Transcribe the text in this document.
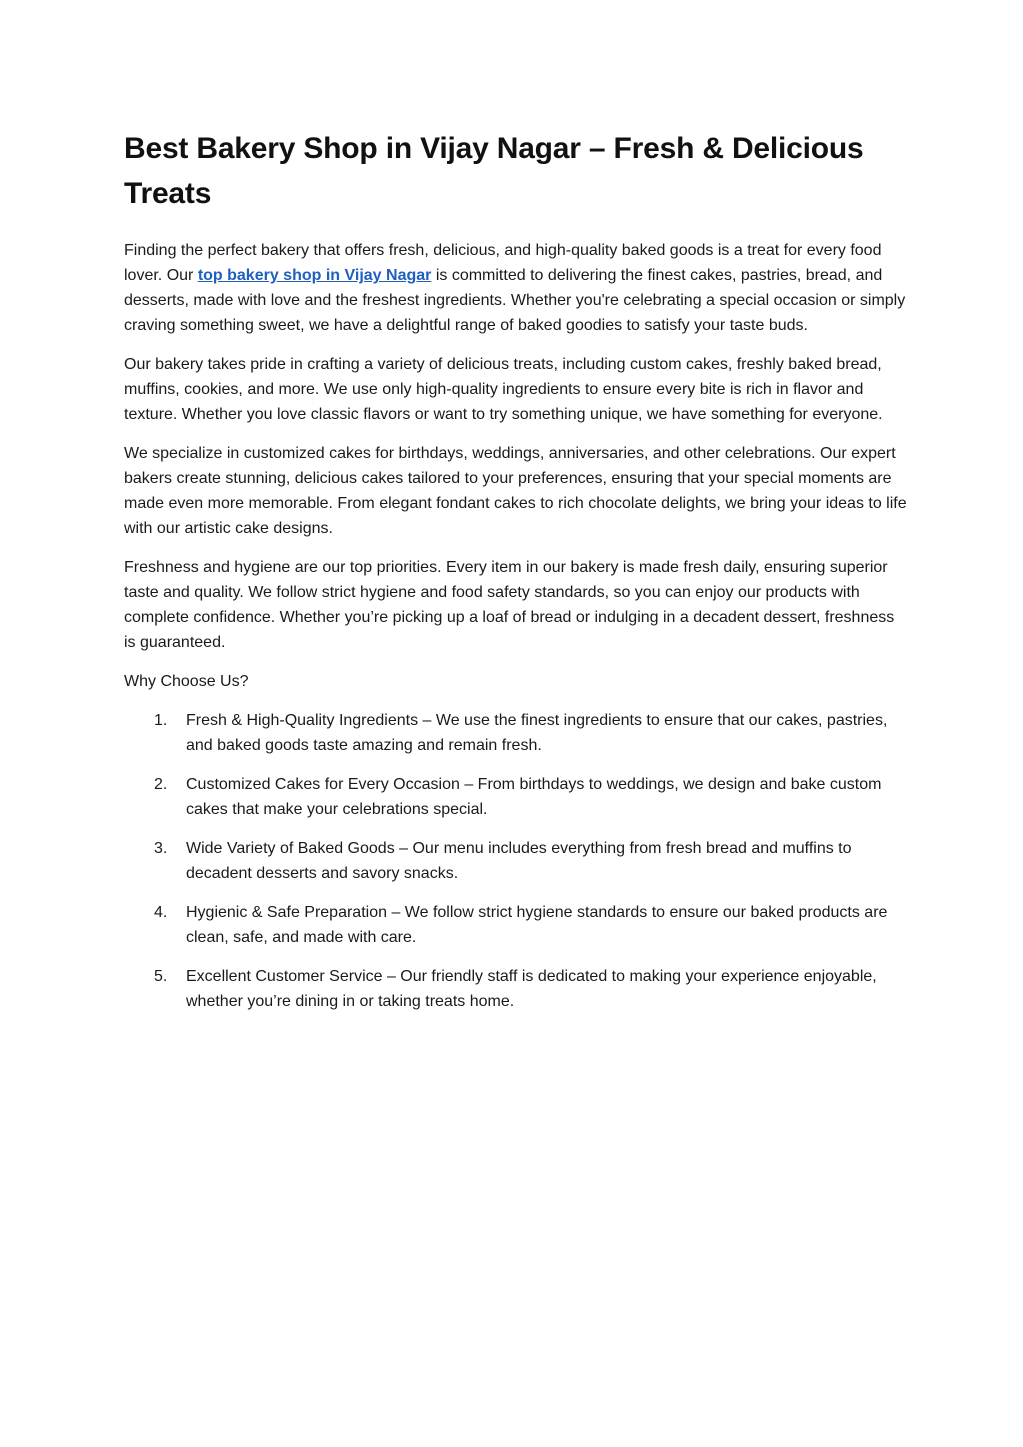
Best Bakery Shop in Vijay Nagar – Fresh & Delicious Treats

Finding the perfect bakery that offers fresh, delicious, and high-quality baked goods is a treat for every food lover. Our top bakery shop in Vijay Nagar is committed to delivering the finest cakes, pastries, bread, and desserts, made with love and the freshest ingredients. Whether you're celebrating a special occasion or simply craving something sweet, we have a delightful range of baked goodies to satisfy your taste buds.

Our bakery takes pride in crafting a variety of delicious treats, including custom cakes, freshly baked bread, muffins, cookies, and more. We use only high-quality ingredients to ensure every bite is rich in flavor and texture. Whether you love classic flavors or want to try something unique, we have something for everyone.

We specialize in customized cakes for birthdays, weddings, anniversaries, and other celebrations. Our expert bakers create stunning, delicious cakes tailored to your preferences, ensuring that your special moments are made even more memorable. From elegant fondant cakes to rich chocolate delights, we bring your ideas to life with our artistic cake designs.

Freshness and hygiene are our top priorities. Every item in our bakery is made fresh daily, ensuring superior taste and quality. We follow strict hygiene and food safety standards, so you can enjoy our products with complete confidence. Whether you’re picking up a loaf of bread or indulging in a decadent dessert, freshness is guaranteed.

Why Choose Us?

1. Fresh & High-Quality Ingredients – We use the finest ingredients to ensure that our cakes, pastries, and baked goods taste amazing and remain fresh.
2. Customized Cakes for Every Occasion – From birthdays to weddings, we design and bake custom cakes that make your celebrations special.
3. Wide Variety of Baked Goods – Our menu includes everything from fresh bread and muffins to decadent desserts and savory snacks.
4. Hygienic & Safe Preparation – We follow strict hygiene standards to ensure our baked products are clean, safe, and made with care.
5. Excellent Customer Service – Our friendly staff is dedicated to making your experience enjoyable, whether you’re dining in or taking treats home.
